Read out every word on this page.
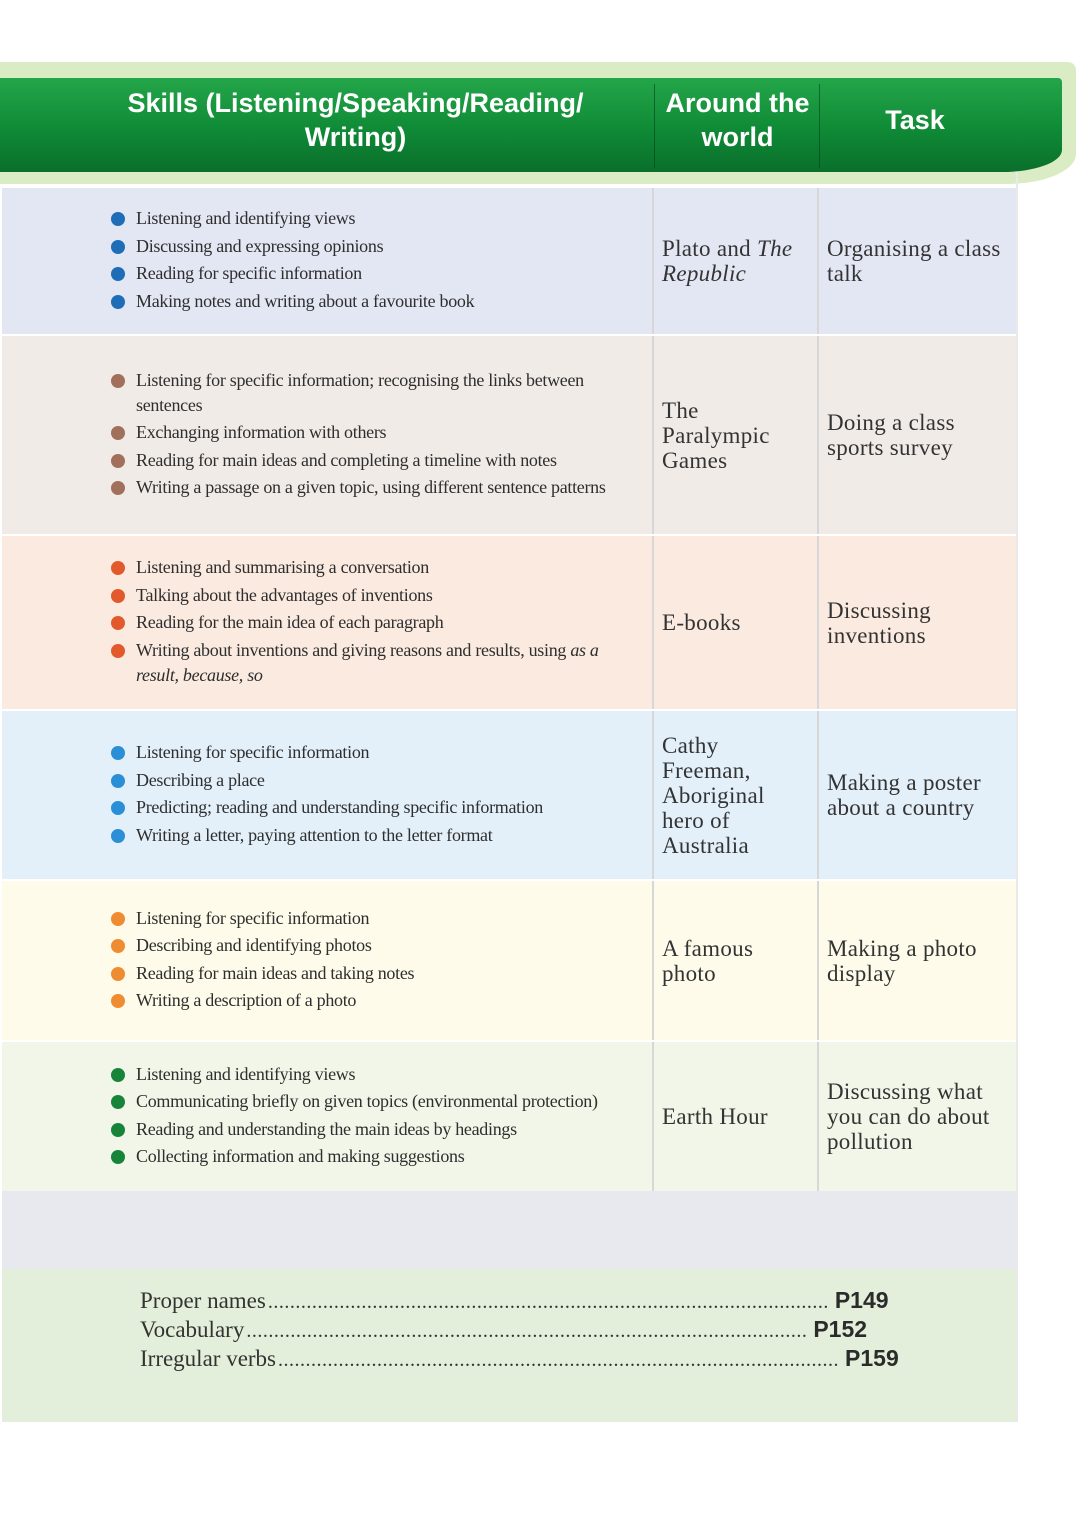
Skills (Listening/Speaking/Reading/
Writing)
Around the
world
Task
Listening and identifying views
Discussing and expressing opinions
Reading for specific information
Making notes and writing about a favourite book
Plato and The Republic
Organising a class talk
Listening for specific information; recognising the links between sentences
Exchanging information with others
Reading for main ideas and completing a timeline with notes
Writing a passage on a given topic, using different sentence patterns
The Paralympic Games
Doing a class sports survey
Listening and summarising a conversation
Talking about the advantages of inventions
Reading for the main idea of each paragraph
Writing about inventions and giving reasons and results, using as a result, because, so
E-books	Discussing inventions
Listening for specific information
Describing a place
Predicting; reading and understanding specific information
Writing a letter, paying attention to the letter format
Cathy Freeman, Aboriginal hero of Australia
Making a poster about a country
Listening for specific information
Describing and identifying photos
Reading for main ideas and taking notes
Writing a description of a photo
A famous photo
Making a photo display
Listening and identifying views
Communicating briefly on given topics (environmental protection)
Reading and understanding the main ideas by headings
Collecting information and making suggestions
Earth Hour
Discussing what you can do about pollution
Proper names ...................................................................................................... P149
Vocabulary ...................................................................................................... P152
Irregular verbs ...................................................................................................... P159
